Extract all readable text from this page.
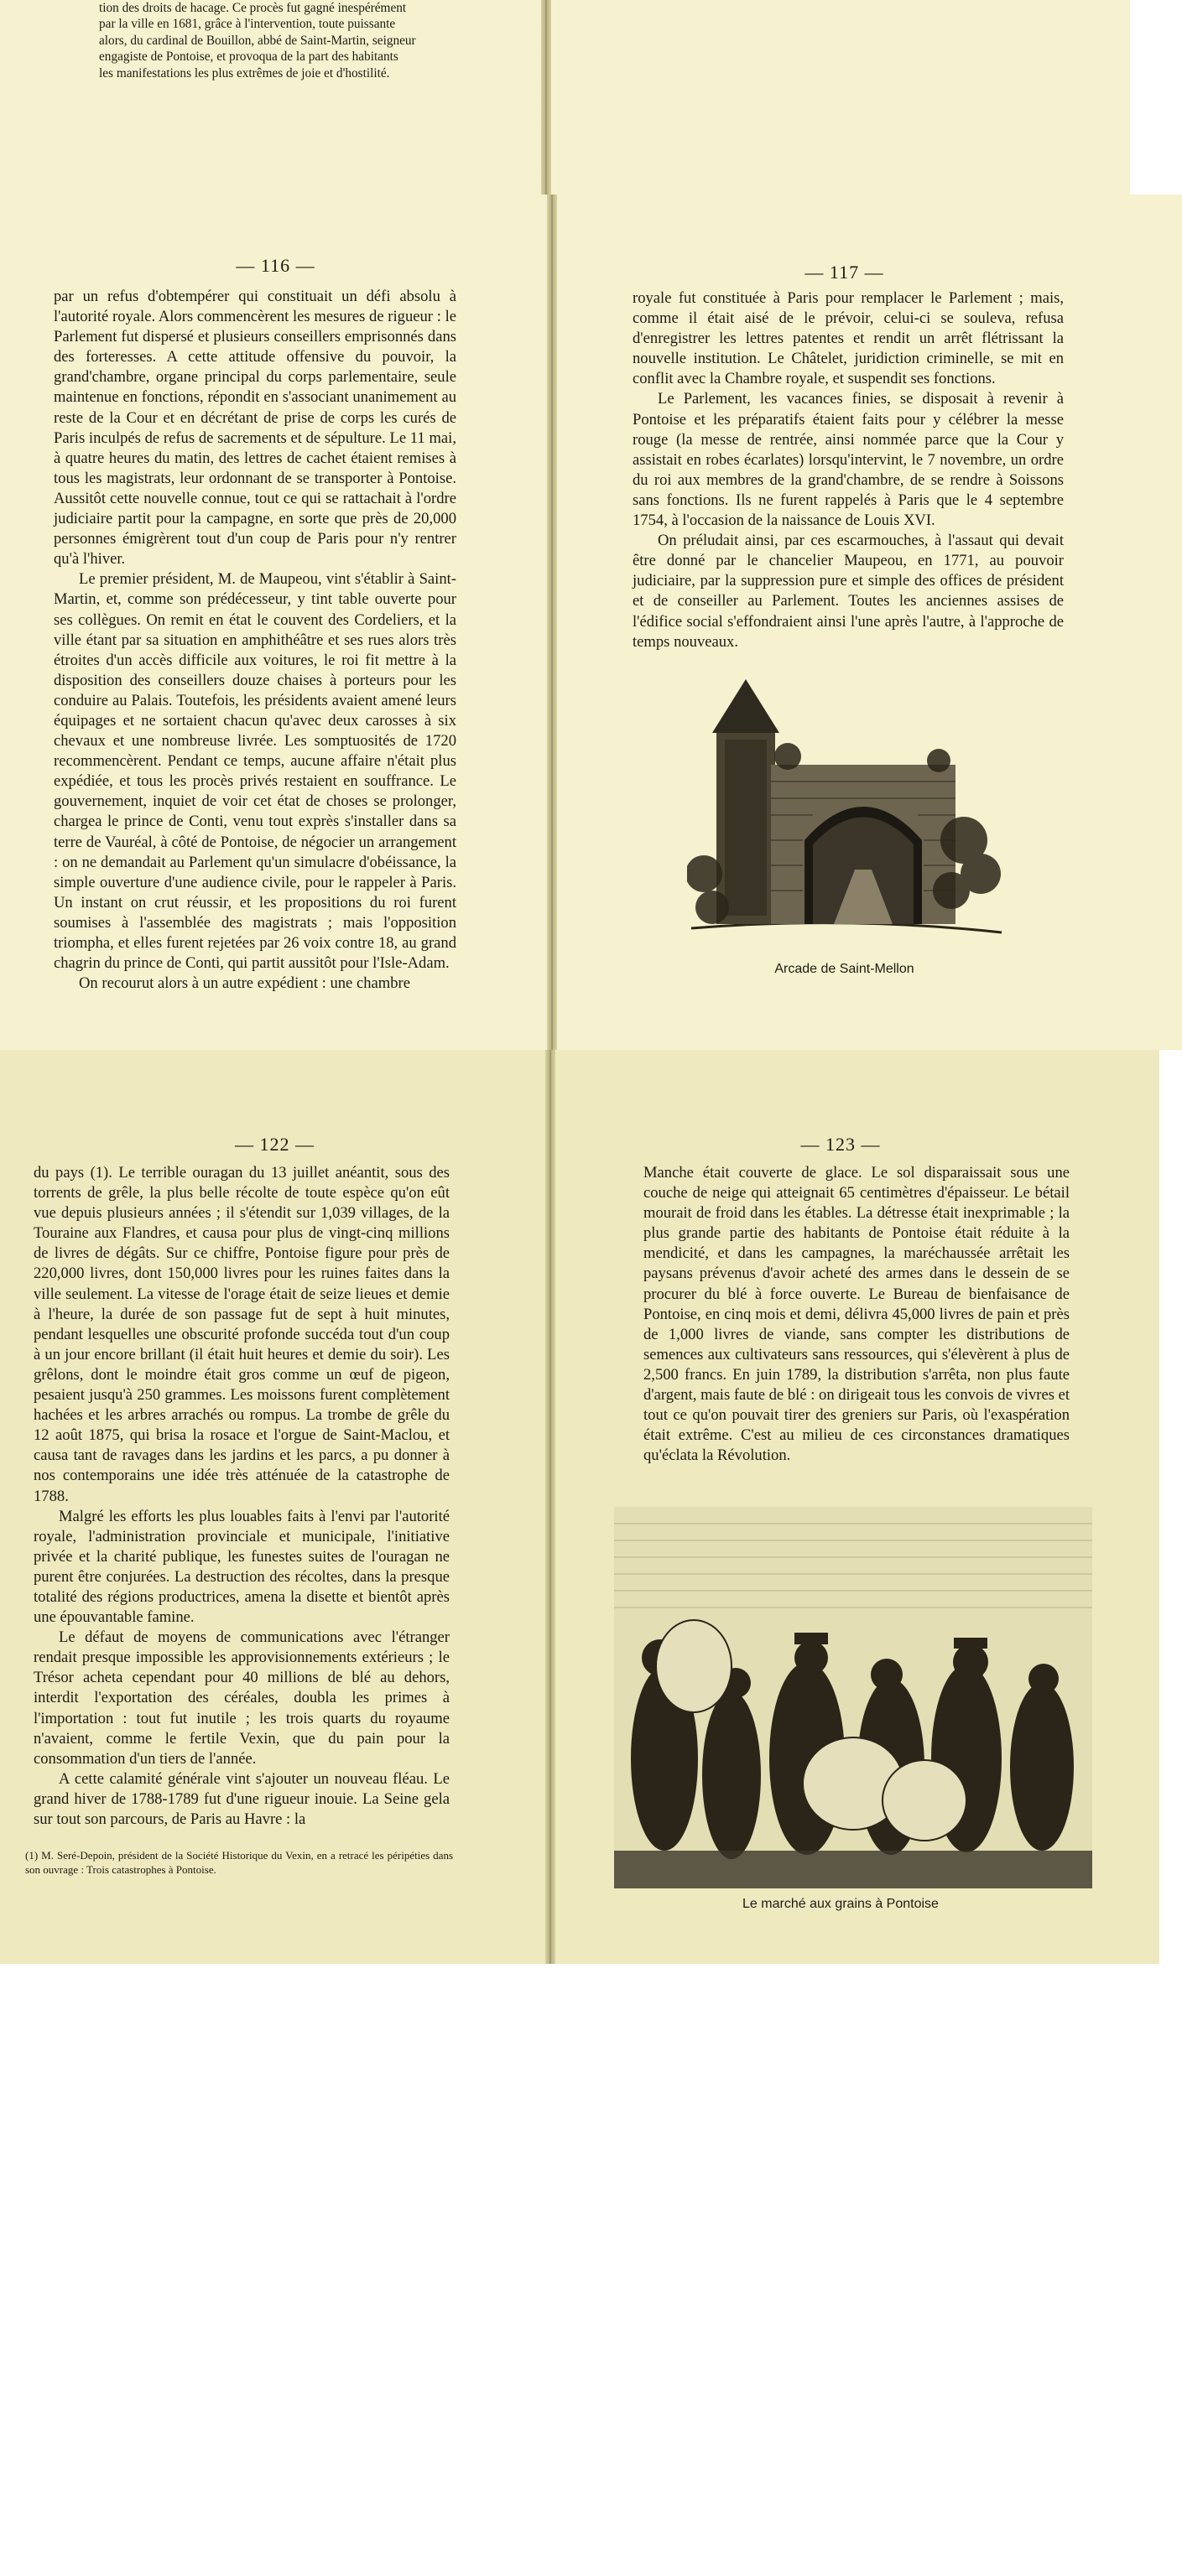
tion des droits de hacage. Ce procès fut gagné inespérément
par la ville en 1681, grâce à l'intervention, toute puissante
alors, du cardinal de Bouillon, abbé de Saint-Martin, seigneur
engagiste de Pontoise, et provoqua de la part des habitants
les manifestations les plus extrêmes de joie et d'hostilité.
— 116 —

par un refus d'obtempérer qui constituait un défi absolu à l'autorité royale. Alors commencèrent les mesures de rigueur : le Parlement fut dispersé et plusieurs conseillers emprisonnés dans des forteresses. A cette attitude offensive du pouvoir, la grand'chambre, organe principal du corps parlementaire, seule maintenue en fonctions, répondit en s'associant unanimement au reste de la Cour et en décrétant de prise de corps les curés de Paris inculpés de refus de sacrements et de sépulture. Le 11 mai, à quatre heures du matin, des lettres de cachet étaient remises à tous les magistrats, leur ordonnant de se transporter à Pontoise. Aussitôt cette nouvelle connue, tout ce qui se rattachait à l'ordre judiciaire partit pour la campagne, en sorte que près de 20,000 personnes émigrèrent tout d'un coup de Paris pour n'y rentrer qu'à l'hiver.

Le premier président, M. de Maupeou, vint s'établir à Saint-Martin, et, comme son prédécesseur, y tint table ouverte pour ses collègues. On remit en état le couvent des Cordeliers, et la ville étant par sa situation en amphithéâtre et ses rues alors très étroites d'un accès difficile aux voitures, le roi fit mettre à la disposition des conseillers douze chaises à porteurs pour les conduire au Palais. Toutefois, les présidents avaient amené leurs équipages et ne sortaient chacun qu'avec deux carosses à six chevaux et une nombreuse livrée. Les somptuosités de 1720 recommencèrent. Pendant ce temps, aucune affaire n'était plus expédiée, et tous les procès privés restaient en souffrance. Le gouvernement, inquiet de voir cet état de choses se prolonger, chargea le prince de Conti, venu tout exprès s'installer dans sa terre de Vauréal, à côté de Pontoise, de négocier un arrangement : on ne demandait au Parlement qu'un simulacre d'obéissance, la simple ouverture d'une audience civile, pour le rappeler à Paris. Un instant on crut réussir, et les propositions du roi furent soumises à l'assemblée des magistrats ; mais l'opposition triompha, et elles furent rejetées par 26 voix contre 18, au grand chagrin du prince de Conti, qui partit aussitôt pour l'Isle-Adam.

On recourut alors à un autre expédient : une chambre

— 117 —

royale fut constituée à Paris pour remplacer le Parlement ; mais, comme il était aisé de le prévoir, celui-ci se souleva, refusa d'enregistrer les lettres patentes et rendit un arrêt flétrissant la nouvelle institution. Le Châtelet, juridiction criminelle, se mit en conflit avec la Chambre royale, et suspendit ses fonctions.

Le Parlement, les vacances finies, se disposait à revenir à Pontoise et les préparatifs étaient faits pour y célébrer la messe rouge (la messe de rentrée, ainsi nommée parce que la Cour y assistait en robes écarlates) lorsqu'intervint, le 7 novembre, un ordre du roi aux membres de la grand'chambre, de se rendre à Soissons sans fonctions. Ils ne furent rappelés à Paris que le 4 septembre 1754, à l'occasion de la naissance de Louis XVI.

On préludait ainsi, par ces escarmouches, à l'assaut qui devait être donné par le chancelier Maupeou, en 1771, au pouvoir judiciaire, par la suppression pure et simple des offices de président et de conseiller au Parlement. Toutes les anciennes assises de l'édifice social s'effondraient ainsi l'une après l'autre, à l'approche de temps nouveaux.

Arcade de Saint-Mellon
— 122 —

du pays (1). Le terrible ouragan du 13 juillet anéantit, sous des torrents de grêle, la plus belle récolte de toute espèce qu'on eût vue depuis plusieurs années ; il s'étendit sur 1,039 villages, de la Touraine aux Flandres, et causa pour plus de vingt-cinq millions de livres de dégâts. Sur ce chiffre, Pontoise figure pour près de 220,000 livres, dont 150,000 livres pour les ruines faites dans la ville seulement. La vitesse de l'orage était de seize lieues et demie à l'heure, la durée de son passage fut de sept à huit minutes, pendant lesquelles une obscurité profonde succéda tout d'un coup à un jour encore brillant (il était huit heures et demie du soir). Les grêlons, dont le moindre était gros comme un œuf de pigeon, pesaient jusqu'à 250 grammes. Les moissons furent complètement hachées et les arbres arrachés ou rompus. La trombe de grêle du 12 août 1875, qui brisa la rosace et l'orgue de Saint-Maclou, et causa tant de ravages dans les jardins et les parcs, a pu donner à nos contemporains une idée très atténuée de la catastrophe de 1788.

Malgré les efforts les plus louables faits à l'envi par l'autorité royale, l'administration provinciale et municipale, l'initiative privée et la charité publique, les funestes suites de l'ouragan ne purent être conjurées. La destruction des récoltes, dans la presque totalité des régions productrices, amena la disette et bientôt après une épouvantable famine.

Le défaut de moyens de communications avec l'étranger rendait presque impossible les approvisionnements extérieurs ; le Trésor acheta cependant pour 40 millions de blé au dehors, interdit l'exportation des céréales, doubla les primes à l'importation : tout fut inutile ; les trois quarts du royaume n'avaient, comme le fertile Vexin, que du pain pour la consommation d'un tiers de l'année.

A cette calamité générale vint s'ajouter un nouveau fléau. Le grand hiver de 1788-1789 fut d'une rigueur inouie. La Seine gela sur tout son parcours, de Paris au Havre : la

(1) M. Seré-Depoin, président de la Société Historique du Vexin, en a retracé les péripéties dans son ouvrage : Trois catastrophes à Pontoise.
— 123 —

Manche était couverte de glace. Le sol disparaissait sous une couche de neige qui atteignait 65 centimètres d'épaisseur. Le bétail mourait de froid dans les étables. La détresse était inexprimable ; la plus grande partie des habitants de Pontoise était réduite à la mendicité, et dans les campagnes, la maréchaussée arrêtait les paysans prévenus d'avoir acheté des armes dans le dessein de se procurer du blé à force ouverte. Le Bureau de bienfaisance de Pontoise, en cinq mois et demi, délivra 45,000 livres de pain et près de 1,000 livres de viande, sans compter les distributions de semences aux cultivateurs sans ressources, qui s'élevèrent à plus de 2,500 francs. En juin 1789, la distribution s'arrêta, non plus faute d'argent, mais faute de blé : on dirigeait tous les convois de vivres et tout ce qu'on pouvait tirer des greniers sur Paris, où l'exaspération était extrême. C'est au milieu de ces circonstances dramatiques qu'éclata la Révolution.

Le marché aux grains à Pontoise
